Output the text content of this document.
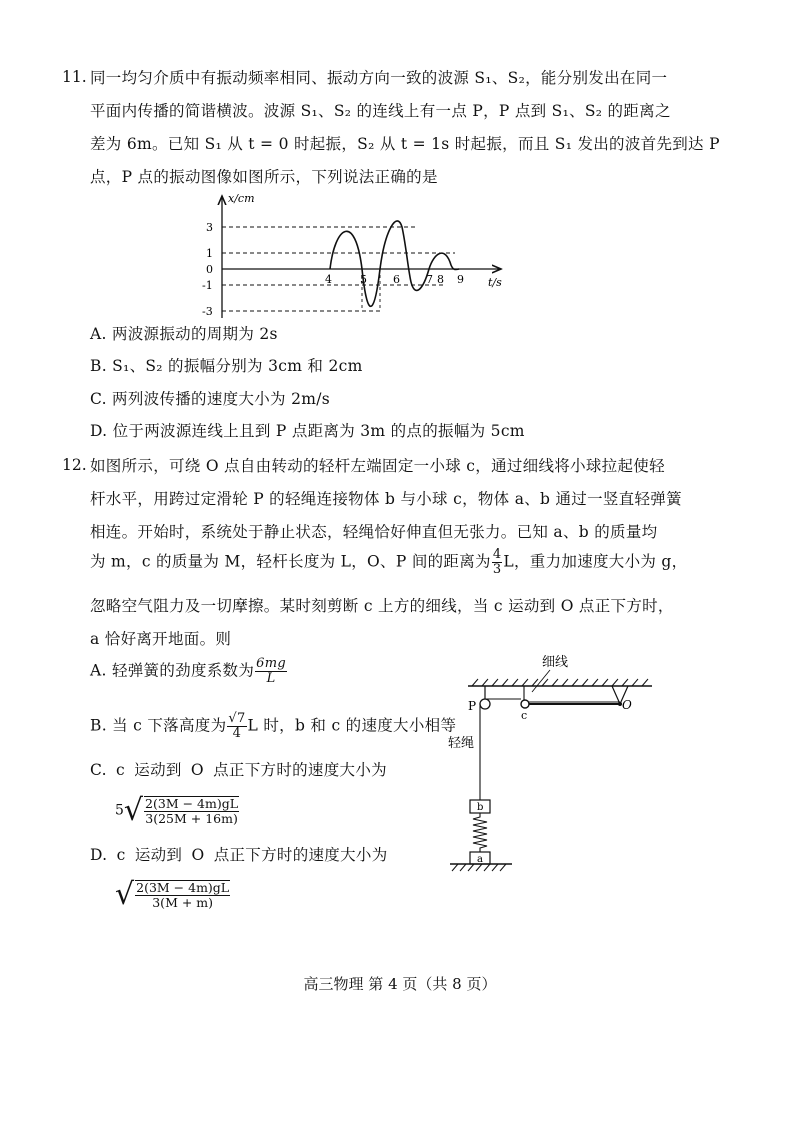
11. 同一均匀介质中有振动频率相同、振动方向一致的波源 S₁、S₂，能分别发出在同一
平面内传播的简谐横波。波源 S₁、S₂ 的连线上有一点 P，P 点到 S₁、S₂ 的距离之
差为 6m。已知 S₁ 从 t = 0 时起振，S₂ 从 t = 1s 时起振，而且 S₁ 发出的波首先到达 P
点，P 点的振动图像如图所示，下列说法正确的是
x/cm
t/s
3
1
0
-1
-3
4	5 6 7 8 9
A. 两波源振动的周期为 2s
B. S₁、S₂ 的振幅分别为 3cm 和 2cm
C. 两列波传播的速度大小为 2m/s
D. 位于两波源连线上且到 P 点距离为 3m 的点的振幅为 5cm
12. 如图所示，可绕 O 点自由转动的轻杆左端固定一小球 c，通过细线将小球拉起使轻
杆水平，用跨过定滑轮 P 的轻绳连接物体 b 与小球 c，物体 a、b 通过一竖直轻弹簧
相连。开始时，系统处于静止状态，轻绳恰好伸直但无张力。已知 a、b 的质量均
为 m，c 的质量为 M，轻杆长度为 L，O、P 间的距离为 $\frac{4}{3}$ L，重力加速度大小为 g，
忽略空气阻力及一切摩擦。某时刻剪断 c 上方的细线，当 c 运动到 O 点正下方时，
a 恰好离开地面。则
A. 轻弹簧的劲度系数为 $\frac{6mg}{L}$
B. 当 c 下落高度为 $\frac{√7}{4}$ L 时，b 和 c 的速度大小相等
C. c 运动到 O 点正下方时的速度大小为
$5√ \frac{2(3M - 4m)gL}{3(25M + 16m)}$
D. c 运动到 O 点正下方时的速度大小为
√ $\frac{2(3M - 4m)gL}{3(M + m)}$
细线
P	O
c
轻绳
b
a
高三物理 第 4 页（共 8 页）
